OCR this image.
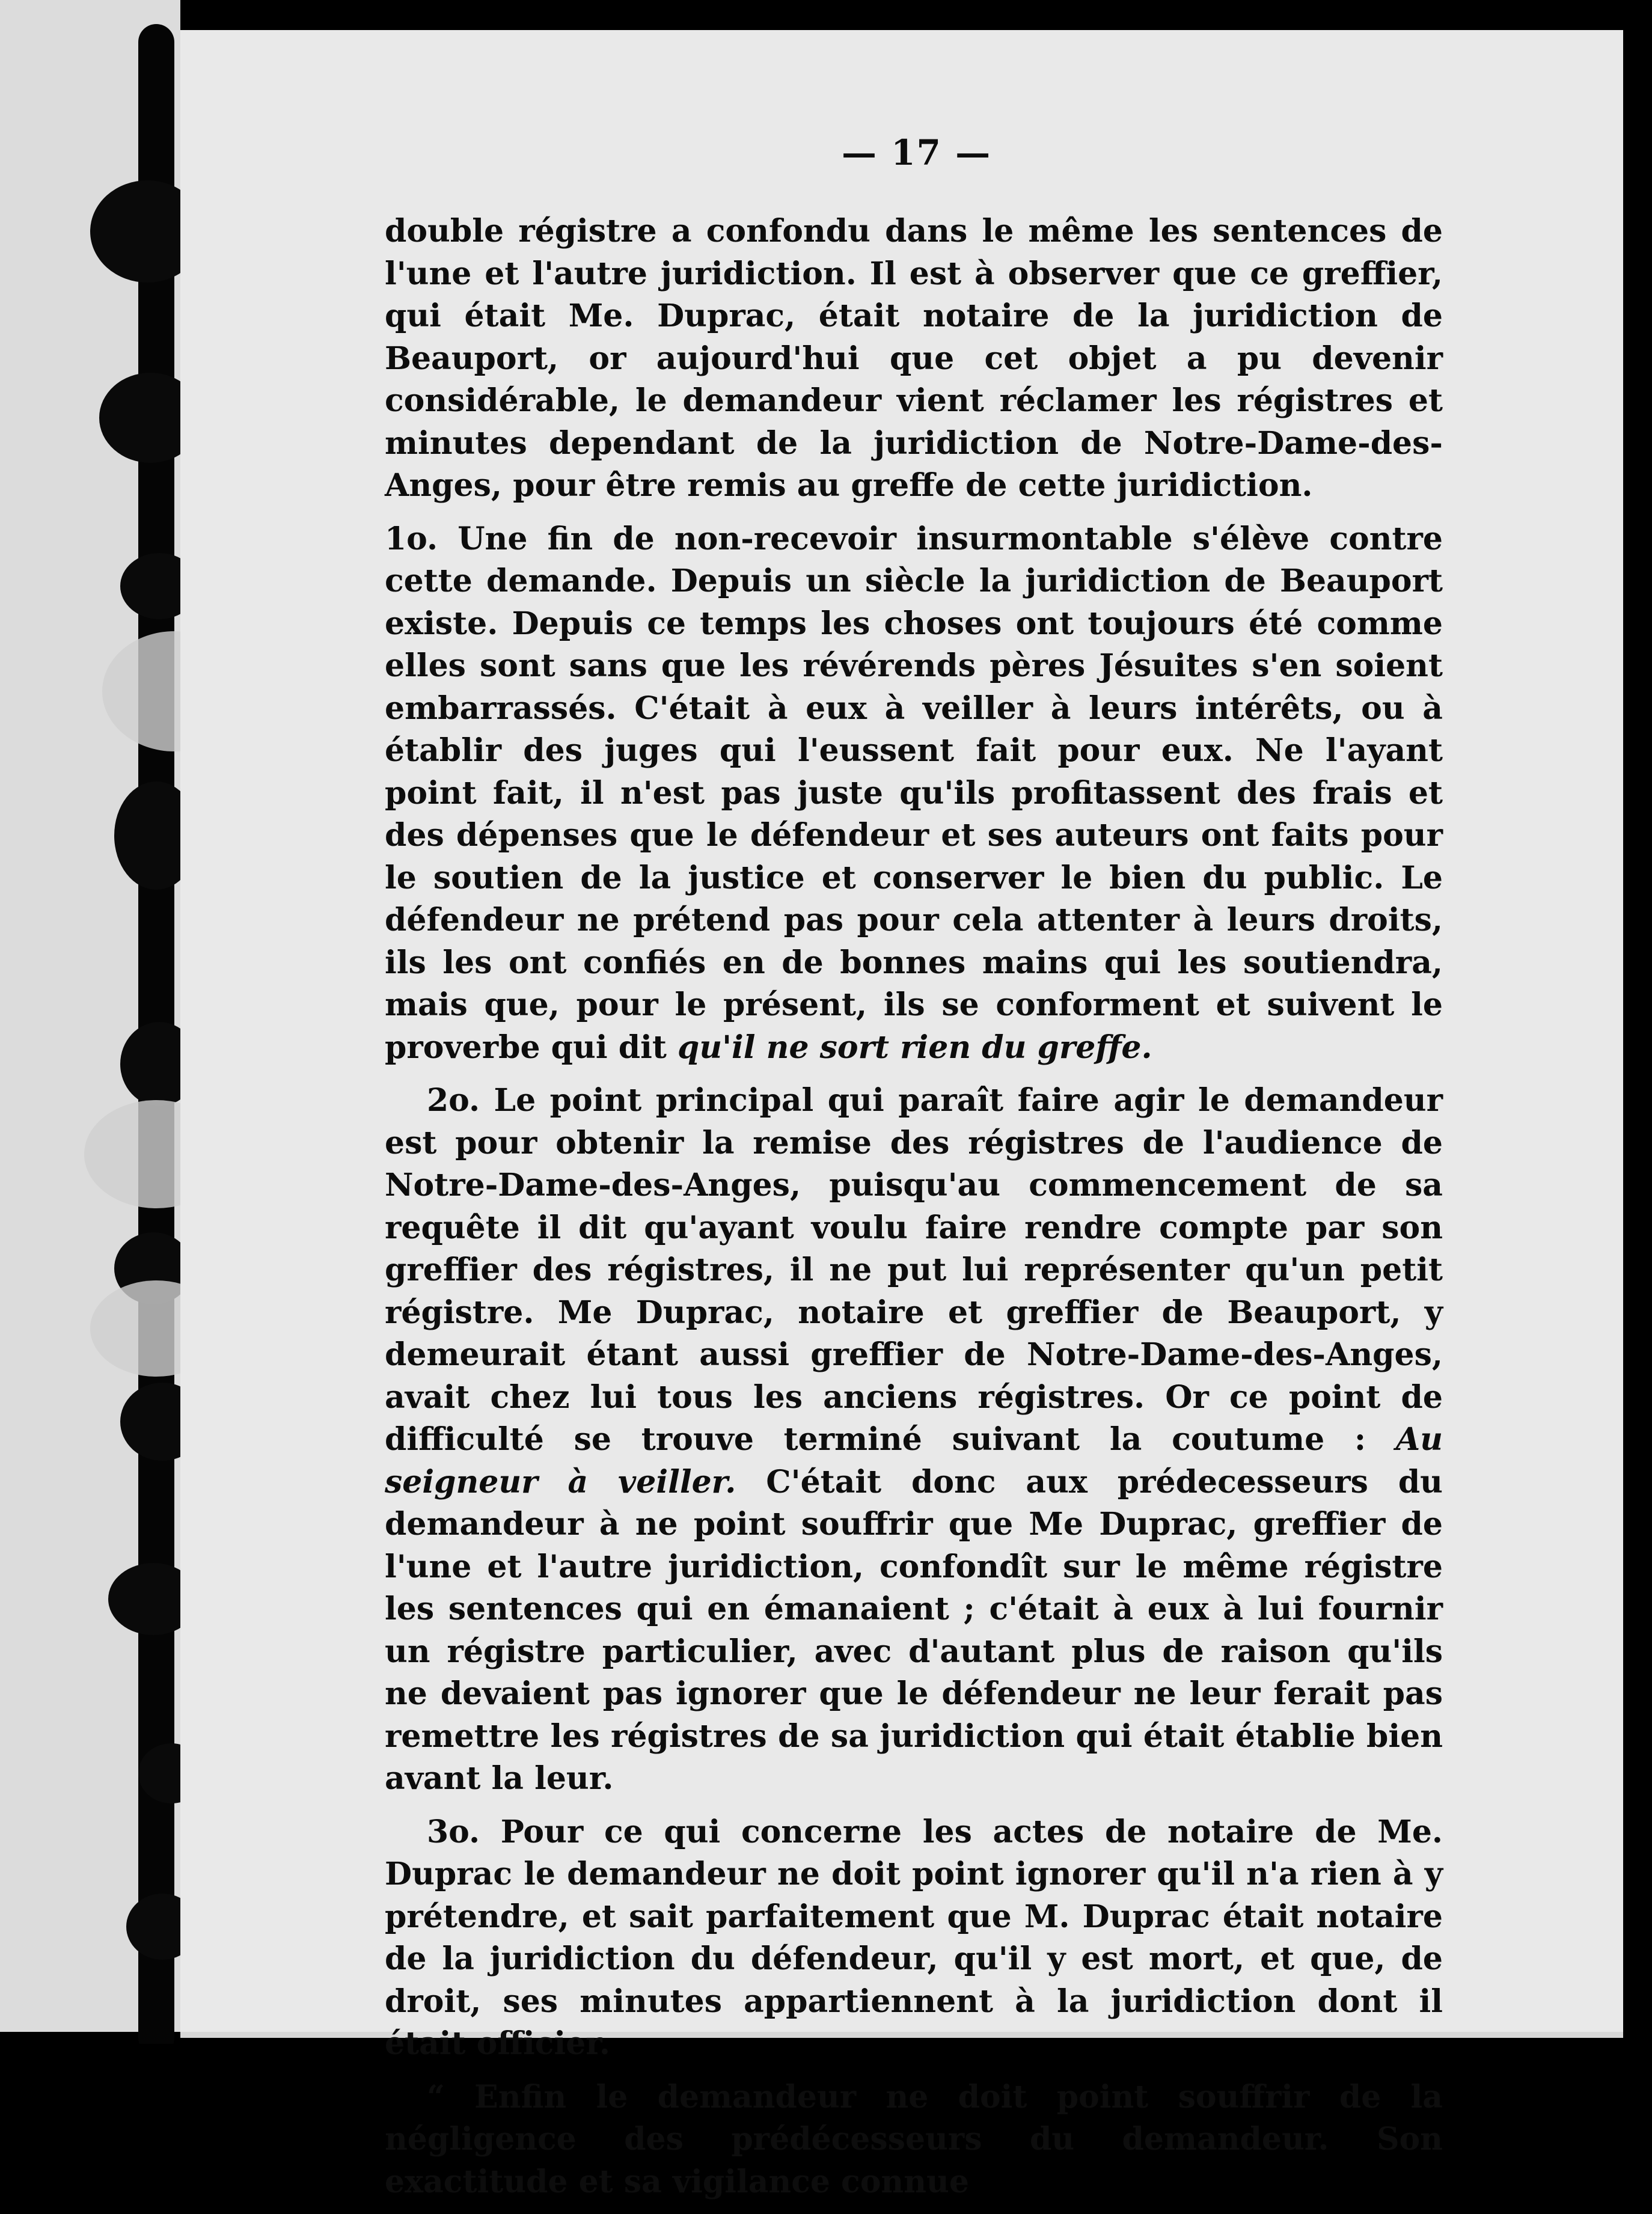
— 17 —

double régistre a confondu dans le même les sentences de l'une et l'autre juridiction. Il est à observer que ce greffier, qui était Me. Duprac, était notaire de la juridiction de Beauport, or aujourd'hui que cet objet a pu devenir considérable, le demandeur vient réclamer les régistres et minutes dependant de la juridiction de Notre-Dame-des-Anges, pour être remis au greffe de cette juridiction.

1o. Une fin de non-recevoir insurmontable s'élève contre cette demande. Depuis un siècle la juridiction de Beauport existe. Depuis ce temps les choses ont toujours été comme elles sont sans que les révérends pères Jésuites s'en soient embarrassés. C'était à eux à veiller à leurs intérêts, ou à établir des juges qui l'eussent fait pour eux. Ne l'ayant point fait, il n'est pas juste qu'ils profitassent des frais et des dépenses que le défendeur et ses auteurs ont faits pour le soutien de la justice et conserver le bien du public. Le défendeur ne prétend pas pour cela attenter à leurs droits, ils les ont confiés en de bonnes mains qui les soutiendra, mais que, pour le présent, ils se conforment et suivent le proverbe qui dit qu'il ne sort rien du greffe.

2o. Le point principal qui paraît faire agir le demandeur est pour obtenir la remise des régistres de l'audience de Notre-Dame-des-Anges, puisqu'au commencement de sa requête il dit qu'ayant voulu faire rendre compte par son greffier des régistres, il ne put lui représenter qu'un petit régistre. Me Duprac, notaire et greffier de Beauport, y demeurait étant aussi greffier de Notre-Dame-des-Anges, avait chez lui tous les anciens régistres. Or ce point de difficulté se trouve terminé suivant la coutume : Au seigneur à veiller. C'était donc aux prédecesseurs du demandeur à ne point souffrir que Me Duprac, greffier de l'une et l'autre juridiction, confondît sur le même régistre les sentences qui en émanaient ; c'était à eux à lui fournir un régistre particulier, avec d'autant plus de raison qu'ils ne devaient pas ignorer que le défendeur ne leur ferait pas remettre les régistres de sa juridiction qui était établie bien avant la leur.

3o. Pour ce qui concerne les actes de notaire de Me. Duprac le demandeur ne doit point ignorer qu'il n'a rien à y prétendre, et sait parfaitement que M. Duprac était notaire de la juridiction du défendeur, qu'il y est mort, et que, de droit, ses minutes appartiennent à la juridiction dont il était officier.

“ Enfin le demandeur ne doit point souffrir de la négligence des prédécesseurs du demandeur. Son exactitude et sa vigilance connue
